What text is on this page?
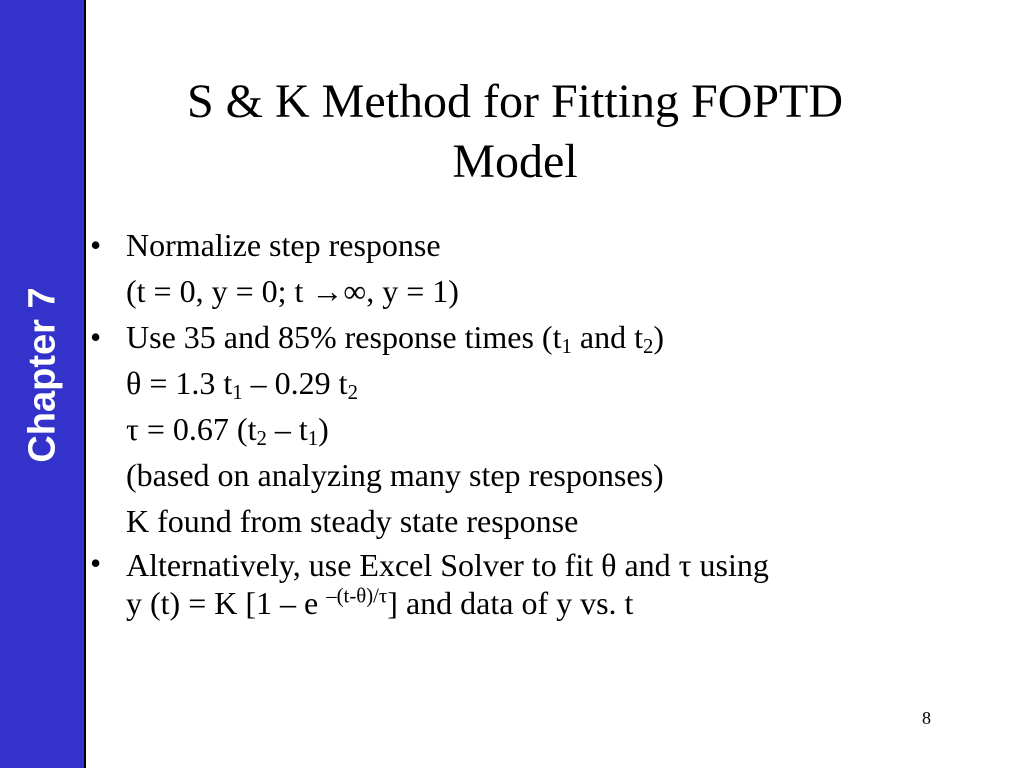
Chapter 7
S & K Method for Fitting FOPTD
Model
• Normalize step response
(t = 0, y = 0; t →∞, y = 1)
• Use 35 and 85% response times ($t_1$ and $t_2$)
θ = 1.3 $t_1 - 0.29$ $t_2$
τ = 0.67 $(t_2 - t_1)$
(based on analyzing many step responses)
K found from steady state response
• Alternatively, use Excel Solver to fit θ and τ using
y (t) = K [1 – e $^{-(t-\theta)/\tau}$] and data of y vs. t
8
